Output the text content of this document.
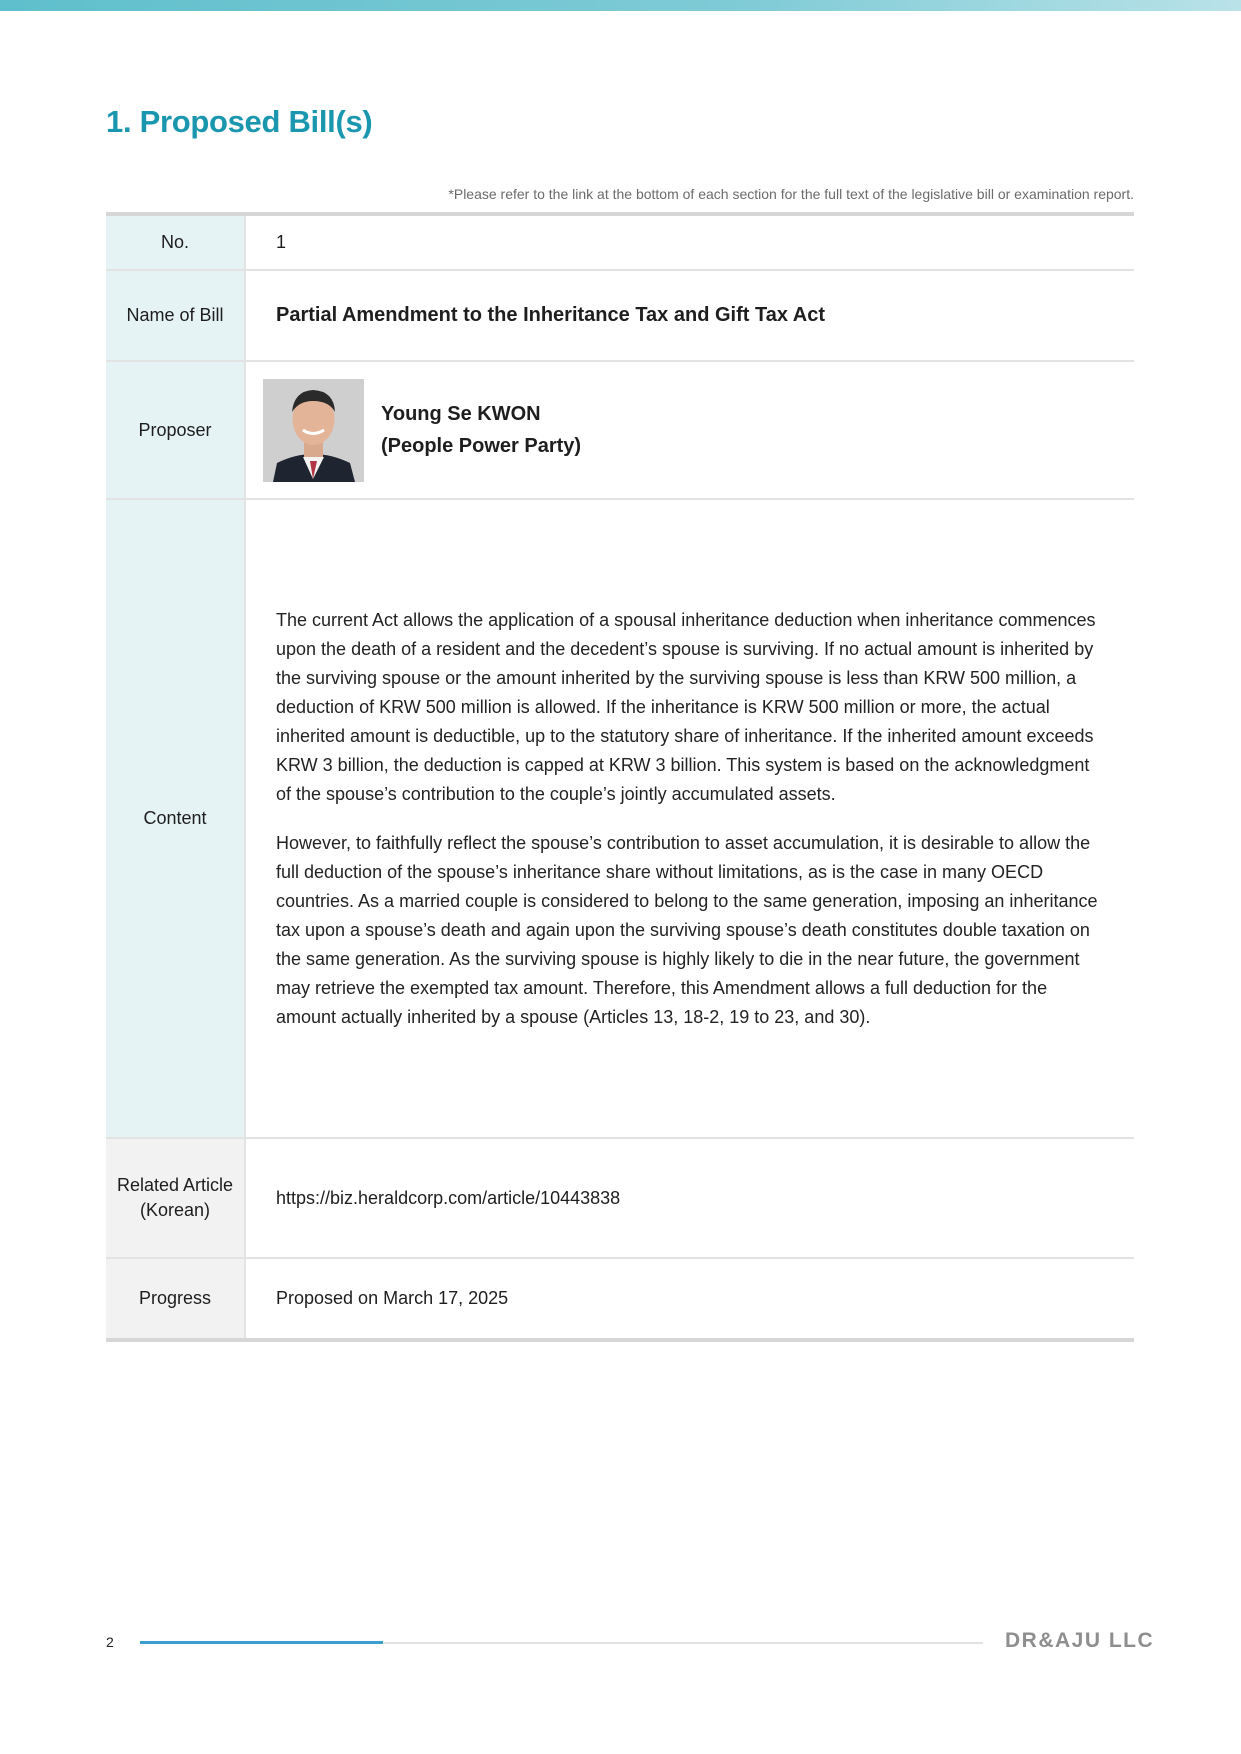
1. Proposed Bill(s)
*Please refer to the link at the bottom of each section for the full text of the legislative bill or examination report.
No.	1
Name of Bill	Partial Amendment to the Inheritance Tax and Gift Tax Act
Proposer	Young Se KWON
(People Power Party)

Content	The current Act allows the application of a spousal inheritance deduction when inheritance commences upon the death of a resident and the decedent’s spouse is surviving. If no actual amount is inherited by the surviving spouse or the amount inherited by the surviving spouse is less than KRW 500 million, a deduction of KRW 500 million is allowed. If the inheritance is KRW 500 million or more, the actual inherited amount is deductible, up to the statutory share of inheritance. If the inherited amount exceeds KRW 3 billion, the deduction is capped at KRW 3 billion. This system is based on the acknowledgment of the spouse’s contribution to the couple’s jointly accumulated assets.

However, to faithfully reflect the spouse’s contribution to asset accumulation, it is desirable to allow the full deduction of the spouse’s inheritance share without limitations, as is the case in many OECD countries. As a married couple is considered to belong to the same generation, imposing an inheritance tax upon a spouse’s death and again upon the surviving spouse’s death constitutes double taxation on the same generation. As the surviving spouse is highly likely to die in the near future, the government may retrieve the exempted tax amount. Therefore, this Amendment allows a full deduction for the amount actually inherited by a spouse (Articles 13, 18-2, 19 to 23, and 30).

Related Article (Korean)	https://biz.heraldcorp.com/article/10443838
Progress	Proposed on March 17, 2025
2	DR&AJU LLC
